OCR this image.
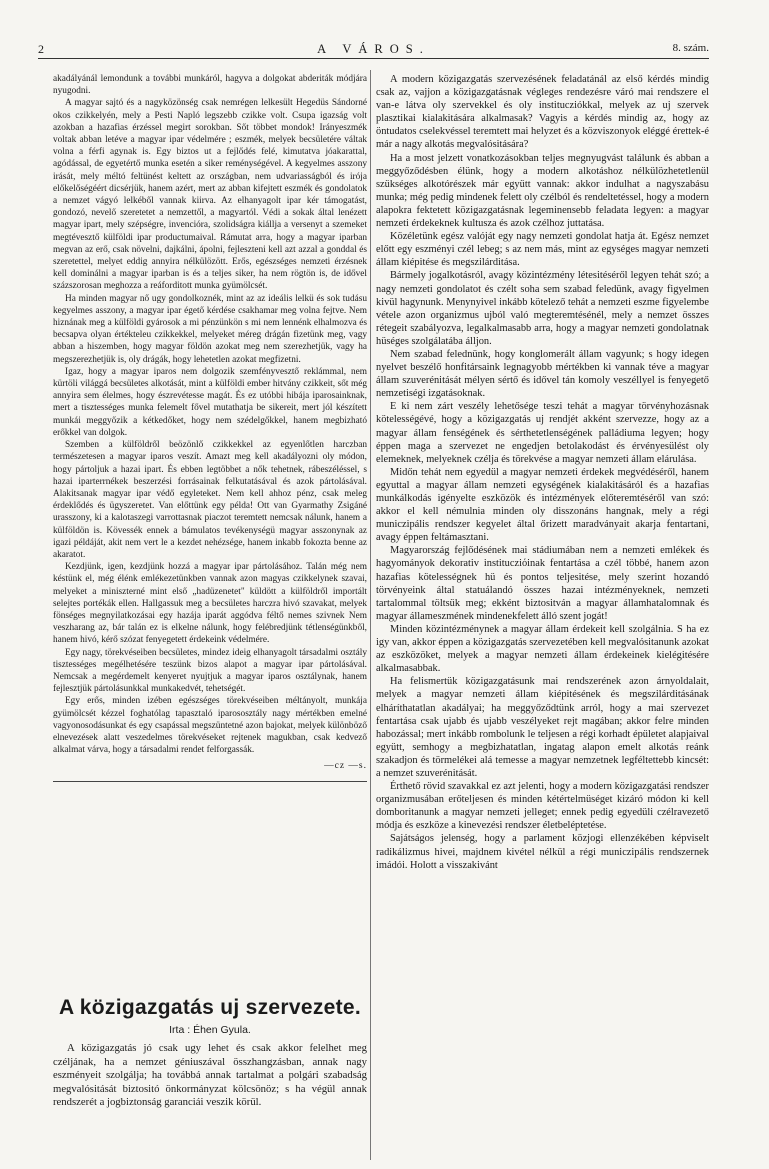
2	A VÁROS.	8. szám.

akadályánál lemondunk a további munkáról, hagyva a dolgokat abderiták módjára nyugodni.

A magyar sajtó és a nagyközönség csak nemrégen lelkesült Hegedüs Sándorné okos czikkelyén, mely a Pesti Napló legszebb czikke volt. Csupa igazság volt azokban a hazafias érzéssel megirt sorokban. Sőt többet mondok! Irányeszmék voltak abban letéve a magyar ipar védelmére ; eszmék, melyek becsületére váltak volna a férfi agynak is. Egy biztos ut a fejlődés felé, kimutatva jóakarattal, agódással, de egyetértő munka esetén a siker reménységével. A kegyelmes asszony irását, mely méltó feltünést keltett az országban, nem udvariasságból és irója előkelőségéért dicsérjük, hanem azért, mert az abban kifejtett eszmék és gondolatok a nemzet vágyó lelkéből vannak kiirva. Az elhanyagolt ipar kér támogatást, gondozó, nevelő szeretetet a nemzettől, a magyartól. Védi a sokak által lenézett magyar ipart, mely szépségre, invencióra, szolidságra kiállja a versenyt a szemeket megtévesztő külföldi ipar productumaival. Rámutat arra, hogy a magyar iparban megvan az erő, csak növelni, dajkálni, ápolni, fejleszteni kell azt azzal a gonddal és szeretettel, melyet eddig annyira nélkülözött. Erős, egészséges nemzeti érzésnek kell dominálni a magyar iparban is és a teljes siker, ha nem rögtön is, de idővel százszorosan meghozza a reáforditott munka gyümölcsét.

Ha minden magyar nő ugy gondolkoznék, mint az az ideális lelkü és sok tudásu kegyelmes asszony, a magyar ipar égető kérdése csakhamar meg volna fejtve. Nem hiznának meg a külföldi gyárosok a mi pénzünkön s mi nem lennénk elhalmozva és becsapva olyan értékteleu czikkekkel, melyeket méreg drágán fizetünk meg, vagy abban a hiszemben, hogy magyar földön azokat meg nem szerezhetjük, vagy ha megszerezhetjük is, oly drágák, hogy lehetetlen azokat megfizetni.

Igaz, hogy a magyar iparos nem dolgozik szemfényvesztő reklámmal, nem kürtöli világgá becsületes alkotását, mint a külföldi ember hitvány czikkeit, sőt még annyira sem élelmes, hogy észrevétesse magát. És ez utóbbi hibája iparosainknak, mert a tisztességes munka felemelt fővel mutathatja be sikereit, mert jól készített munkái meggyőzik a kétkedőket, hogy nem szédelgőkkel, hanem megbizható erőkkel van dolgok.

Szemben a külföldről beözönlő czikkekkel az egyenlőtlen harczban természetesen a magyar iparos veszít. Amazt meg kell akadályozni oly módon, hogy pártoljuk a hazai ipart. És ebben legtöbbet a nők tehetnek, rábeszéléssel, s hazai iparterrnékek beszerzési forrásainak felkutatásával és azok pártolásával. Alakitsanak magyar ipar védő egyleteket. Nem kell ahhoz pénz, csak meleg érdeklődés és ügyszeretet. Van előttünk egy példa! Ott van Gyarmathy Zsigáné urasszony, ki a kalotaszegi varrottasnak piaczot teremtett nemcsak nálunk, hanem a külföldön is. Kövessék ennek a bámulatos tevékenységü magyar asszonynak az igazi példáját, akit nem vert le a kezdet nehézsége, hanem inkabb fokozta benne az akaratot.

Kezdjünk, igen, kezdjünk hozzá a magyar ipar pártolásához. Talán még nem késtünk el, még élénk emlékezetünkben vannak azon magyas czikkelynek szavai, melyeket a miniszterné mint első „hadüzenetet" küldött a külföldről importált selejtes portékák ellen. Hallgassuk meg a becsületes harczra hivó szavakat, melyek fönséges megnyilatkozásai egy hazája iparát aggódva féltő nemes szivnek Nem veszharang az, bár talán ez is elkelne nálunk, hogy felébredjünk tétlenségünkből, hanem hivó, kérő szózat fenyegetett érdekeink védelmére.

Egy nagy, törekvéseiben becsületes, mindez ideig elhanyagolt társadalmi osztály tisztességes megélhetésére teszünk bizos alapot a magyar ipar pártolásával. Nemcsak a megérdemelt kenyeret nyujtjuk a magyar iparos osztálynak, hanem fejlesztjük pártolásunkkal munkakedvét, tehetségét.

Egy erős, minden izében egészséges törekvéseiben méltányolt, munkája gyümölcsét kézzel foghatólag tapasztaló iparososztály nagy mértékben emelné vagyonosodásunkat és egy csapással megszüntetné azon bajokat, melyek különböző elnevezések alatt veszedelmes törekvéseket rejtenek magukban, csak kedvező alkalmat várva, hogy a társadalmi rendet felforgassák.

—cz —s.
A közigazgatás uj szervezete.
Irta : Éhen Gyula.

A közigazgatás jó csak ugy lehet és csak akkor felelhet meg czéljának, ha a nemzet géniuszával összhangzásban, annak nagy eszményeit szolgálja; ha továbbá annak tartalmat a polgári szabadság megvalósitását biztositó önkormányzat kölcsönöz; s ha végül annak rendszerét a jogbiztonság garanciái veszik körül.

A modern közigazgatás szervezésének feladatánál az első kérdés mindig csak az, vajjon a közigazgatásnak végleges rendezésre váró mai rendszere el van-e látva oly szervekkel és oly institucziókkal, melyek az uj szervek plasztikai kialakitására alkalmasak? Vagyis a kérdés mindig az, hogy az öntudatos cselekvéssel teremtett mai helyzet és a közviszonyok eléggé érettek-é már a nagy alkotás megvalósitására?

Ha a most jelzett vonatkozásokban teljes megnyugvást találunk és abban a meggyőződésben élünk, hogy a modern alkotáshoz nélkülözhetetlenül szükséges alkotórészek már együtt vannak: akkor indulhat a nagyszabásu munka; még pedig mindenek felett oly czélból és rendeltetéssel, hogy a modern alapokra fektetett közigazgatásnak legeminensebb feladata legyen: a magyar nemzeti érdekeknek kultusza és azok czélhoz juttatása.

Közéletünk egész valóját egy nagy nemzeti gondolat hatja át. Egész nemzet előtt egy eszményi czél lebeg; s az nem más, mint az egységes magyar nemzeti állam kiépitése és megszilárditása.

Bármely jogalkotásról, avagy közintézmény létesitéséről legyen tehát szó; a nagy nemzeti gondolatot és czélt soha sem szabad feledünk, avagy figyelmen kivül hagynunk. Menynyivel inkább kötelező tehát a nemzeti eszme figyelembe vétele azon organizmus ujból való megteremtésénél, mely a nemzet összes rétegeit szabályozva, legalkalmasabb arra, hogy a magyar nemzeti gondolatnak hüséges szolgálatába álljon.

Nem szabad felednünk, hogy konglomerált állam vagyunk; s hogy idegen nyelvet beszélő honfitársaink legnagyobb mértékben ki vannak téve a magyar állam szuverénitását mélyen sértő és idővel tán komoly veszéllyel is fenyegető nemzetiségi izgatásoknak.

E ki nem zárt veszély lehetősége teszi tehát a magyar törvényhozásnak kötelességévé, hogy a közigazgatás uj rendjét akként szervezze, hogy az a magyar állam fenségének és sérthetetlenségének palládiuma legyen; hogy éppen maga a szervezet ne engedjen betolakodást és érvényesülést oly elemeknek, melyeknek czélja és törekvése a magyar nemzeti állam elárulása.

Midőn tehát nem egyedül a magyar nemzeti érdekek megvédéséről, hanem egyuttal a magyar állam nemzeti egységének kialakitásáról és a hazafias munkálkodás igényelte eszközök és intézmények előteremtéséről van szó: akkor el kell némulnia minden oly disszonáns hangnak, mely a régi municzipális rendszer kegyelet által őrizett maradványait akarja fentartani, avagy éppen feltámasztani.

Magyarország fejlődésének mai stádiumában nem a nemzeti emlékek és hagyományok dekorativ institucziόinak fentartása a czél többé, hanem azon hazafias kötelességnek hü és pontos teljesitése, mely szerint hozandó törvényeink által statuálandó összes hazai intézményeknek, nemzeti tartalommal töltsük meg; ekként biztositván a magyar államhatalomnak és magyar állameszmének mindenekfelett álló szent jogát!

Minden közintézménynek a magyar állam érdekeit kell szolgálnia. S ha ez igy van, akkor éppen a közigazgatás szervezetében kell megvalósitanunk azokat az eszközöket, melyek a magyar nemzeti állam érdekeinek kielégitésére alkalmasabbak.

Ha felismertük közigazgatásunk mai rendszerének azon árnyoldalait, melyek a magyar nemzeti állam kiépitésének és megszilárditásának elháríthatatlan akadályai; ha meggyőződtünk arról, hogy a mai szervezet fentartása csak ujabb és ujabb veszélyeket rejt magában; akkor felre minden habozással; mert inkább rombolunk le teljesen a régi korhadt épületet alapjaival együtt, semhogy a megbizhatatlan, ingatag alapon emelt alkotás reánk szakadjon és törmelékei alá temesse a magyar nemzetnek legféltettebb kincsét: a nemzet szuverénitását.

Érthető rövid szavakkal ez azt jelenti, hogy a modern közigazgatási rendszer organizmusában erőteljesen és minden kétértelmüséget kizáró módon ki kell domboritanunk a magyar nemzeti jelleget; ennek pedig egyedüli czélravezető módja és eszköze a kinevezési rendszer életbeléptetése.

Sajátságos jelenség, hogy a parlament közjogi ellenzékében képviselt radikálizmus hivei, majdnem kivétel nélkül a régi municzipális rendszernek imádói. Holott a visszakivánt
